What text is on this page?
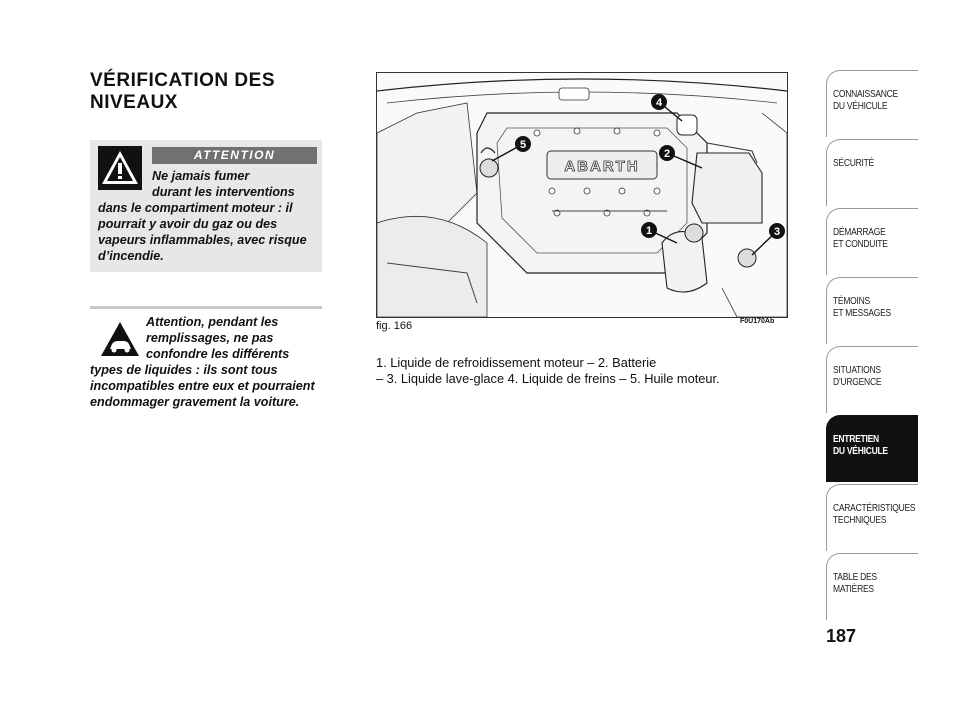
VÉRIFICATION DES NIVEAUX
ATTENTION
Ne jamais fumer
durant les interventions
dans le compartiment moteur : il pourrait y avoir du gaz ou des vapeurs inflammables, avec risque d’incendie.
Attention, pendant les
remplissages, ne pas
confondre les différents
types de liquides : ils sont tous incompatibles entre eux et pourraient endommager gravement la voiture.
ABARTH
1
2
3
4
5
fig. 166	F0U170Ab
1. Liquide de refroidissement moteur – 2. Batterie
– 3. Liquide lave-glace 4. Liquide de freins – 5. Huile moteur.
CONNAISSANCE
DU VÉHICULE
SÉCURITÉ
DÉMARRAGE
ET CONDUITE
TÉMOINS
ET MESSAGES
SITUATIONS
D’URGENCE
ENTRETIEN
DU VÉHICULE
CARACTÉRISTIQUES
TECHNIQUES
TABLE DES
MATIÈRES
187
